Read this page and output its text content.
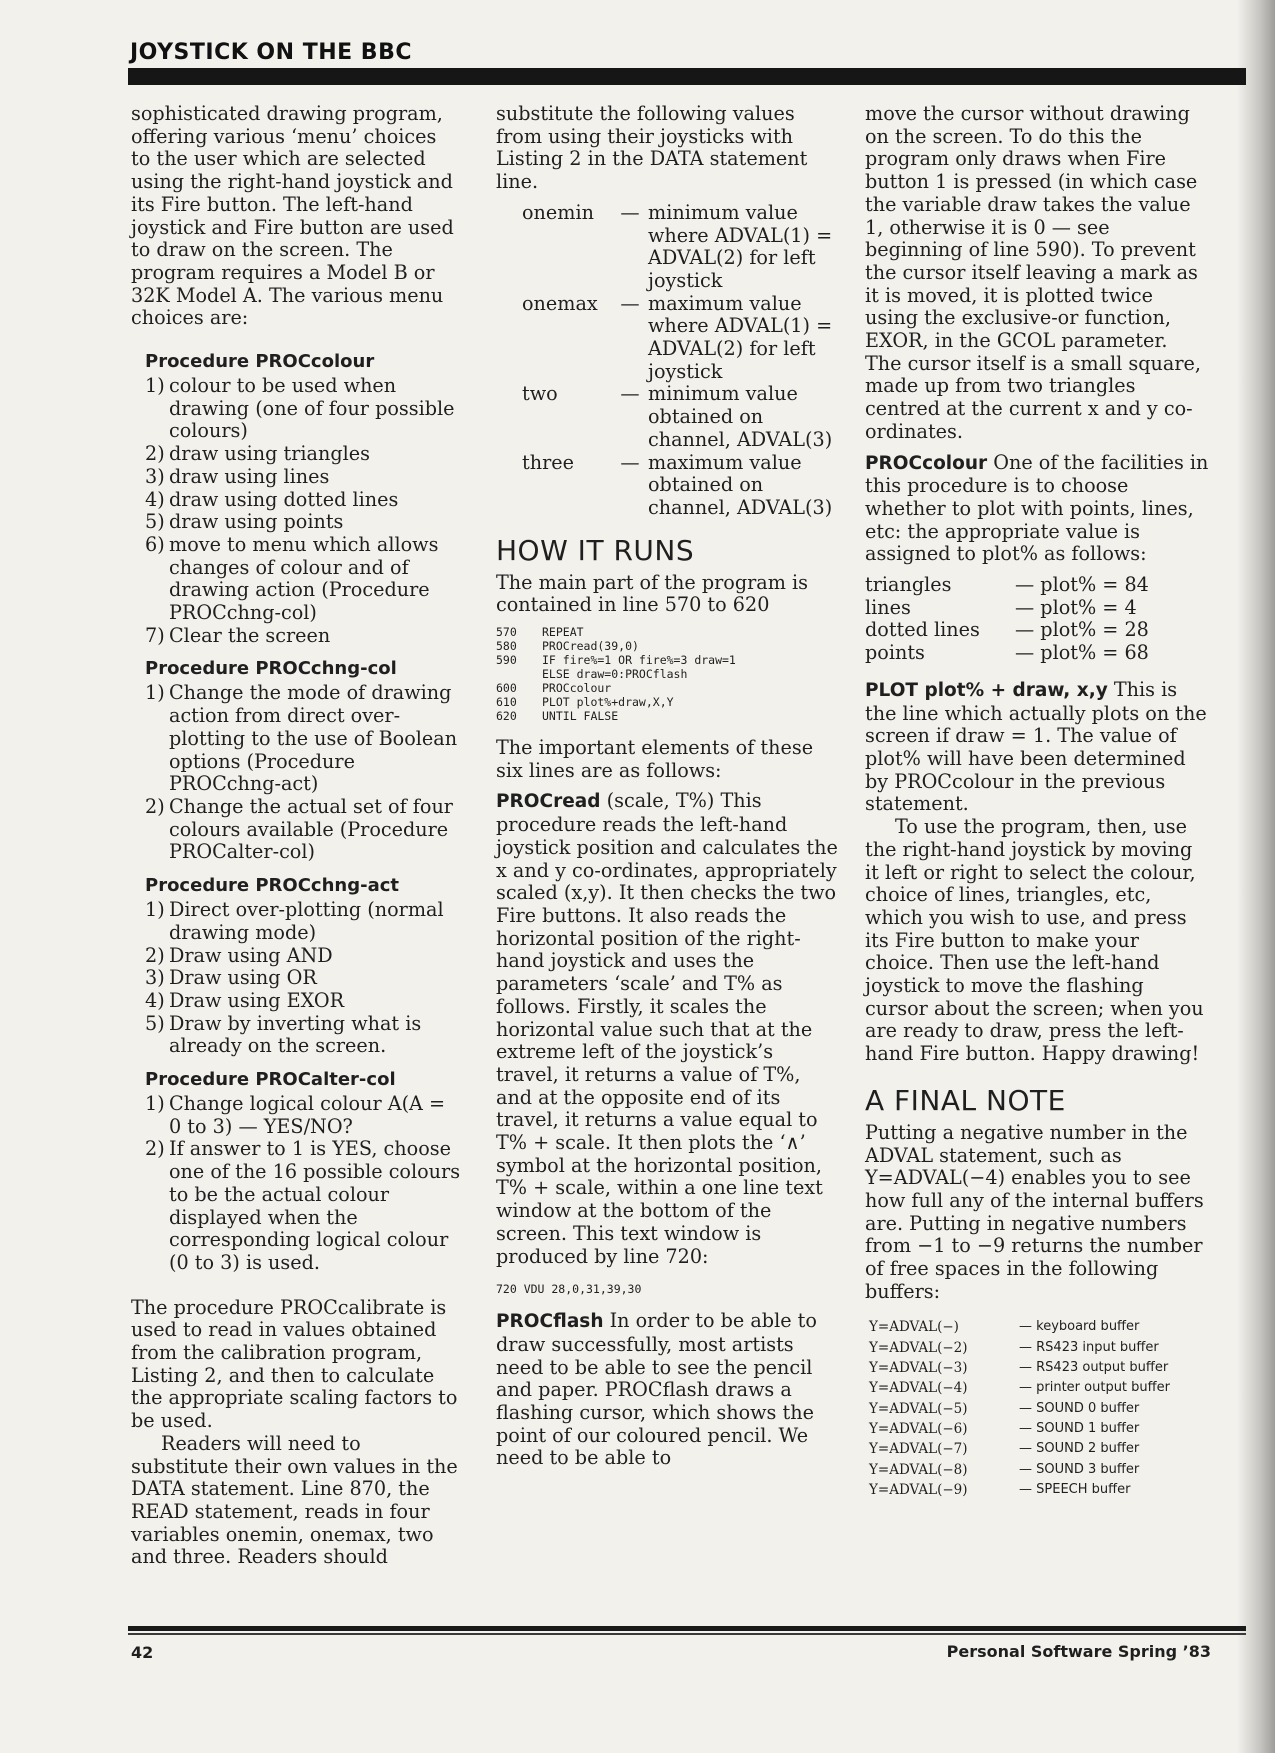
JOYSTICK ON THE BBC

sophisticated drawing program, offering various ‘menu’ choices to the user which are selected using the right-hand joystick and its Fire button. The left-hand joystick and Fire button are used to draw on the screen. The program requires a Model B or 32K Model A. The various menu choices are:

Procedure PROCcolour
1) colour to be used when drawing (one of four possible colours)
2) draw using triangles
3) draw using lines
4) draw using dotted lines
5) draw using points
6) move to menu which allows changes of colour and of drawing action (Procedure PROCchng-col)
7) Clear the screen
Procedure PROCchng-col
1) Change the mode of drawing action from direct over-plotting to the use of Boolean options (Procedure PROCchng-act)
2) Change the actual set of four colours available (Procedure PROCalter-col)
Procedure PROCchng-act
1) Direct over-plotting (normal drawing mode)
2) Draw using AND
3) Draw using OR
4) Draw using EXOR
5) Draw by inverting what is already on the screen.
Procedure PROCalter-col
1) Change logical colour A(A = 0 to 3) — YES/NO?
2) If answer to 1 is YES, choose one of the 16 possible colours to be the actual colour displayed when the corresponding logical colour (0 to 3) is used.

The procedure PROCcalibrate is used to read in values obtained from the calibration program, Listing 2, and then to calculate the appropriate scaling factors to be used.

Readers will need to substitute their own values in the DATA statement. Line 870, the READ statement, reads in four variables onemin, onemax, two and three. Readers should

substitute the following values from using their joysticks with Listing 2 in the DATA statement line.

onemin	— minimum value where ADVAL(1) = ADVAL(2) for left joystick
onemax	— maximum value where ADVAL(1) = ADVAL(2) for left joystick
two	— minimum value obtained on channel, ADVAL(3)
three	— maximum value obtained on channel, ADVAL(3)
HOW IT RUNS

The main part of the program is contained in line 570 to 620

570	REPEAT
580	PROCread(39,0)
590	IF fire%=1 OR fire%=3 draw=1
ELSE draw=0:PROCflash
600	PROCcolour
610	PLOT plot%+draw,X,Y
620	UNTIL FALSE

The important elements of these six lines are as follows:

PROCread (scale, T%) This procedure reads the left-hand joystick position and calculates the x and y co-ordinates, appropriately scaled (x,y). It then checks the two Fire buttons. It also reads the horizontal position of the right-hand joystick and uses the parameters ‘scale’ and T% as follows. Firstly, it scales the horizontal value such that at the extreme left of the joystick’s travel, it returns a value of T%, and at the opposite end of its travel, it returns a value equal to T% + scale. It then plots the ‘∧’ symbol at the horizontal position, T% + scale, within a one line text window at the bottom of the screen. This text window is produced by line 720:

720 VDU 28,0,31,39,30

PROCflash In order to be able to draw successfully, most artists need to be able to see the pencil and paper. PROCflash draws a flashing cursor, which shows the point of our coloured pencil. We need to be able to

move the cursor without drawing on the screen. To do this the program only draws when Fire button 1 is pressed (in which case the variable draw takes the value 1, otherwise it is 0 — see beginning of line 590). To prevent the cursor itself leaving a mark as it is moved, it is plotted twice using the exclusive-or function, EXOR, in the GCOL parameter. The cursor itself is a small square, made up from two triangles centred at the current x and y co-ordinates.

PROCcolour One of the facilities in this procedure is to choose whether to plot with points, lines, etc: the appropriate value is assigned to plot% as follows:

triangles	— plot% = 84
lines	— plot% = 4
dotted lines	— plot% = 28
points	— plot% = 68

PLOT plot% + draw, x,y This is the line which actually plots on the screen if draw = 1. The value of plot% will have been determined by PROCcolour in the previous statement.

To use the program, then, use the right-hand joystick by moving it left or right to select the colour, choice of lines, triangles, etc, which you wish to use, and press its Fire button to make your choice. Then use the left-hand joystick to move the flashing cursor about the screen; when you are ready to draw, press the left-hand Fire button. Happy drawing!

A FINAL NOTE

Putting a negative number in the ADVAL statement, such as Y=ADVAL(−4) enables you to see how full any of the internal buffers are. Putting in negative numbers from −1 to −9 returns the number of free spaces in the following buffers:

Y=ADVAL(−)	— keyboard buffer
Y=ADVAL(−2)	— RS423 input buffer
Y=ADVAL(−3)	— RS423 output buffer
Y=ADVAL(−4)	— printer output buffer
Y=ADVAL(−5)	— SOUND 0 buffer
Y=ADVAL(−6)	— SOUND 1 buffer
Y=ADVAL(−7)	— SOUND 2 buffer
Y=ADVAL(−8)	— SOUND 3 buffer
Y=ADVAL(−9)	— SPEECH buffer
42	Personal Software Spring ’83
